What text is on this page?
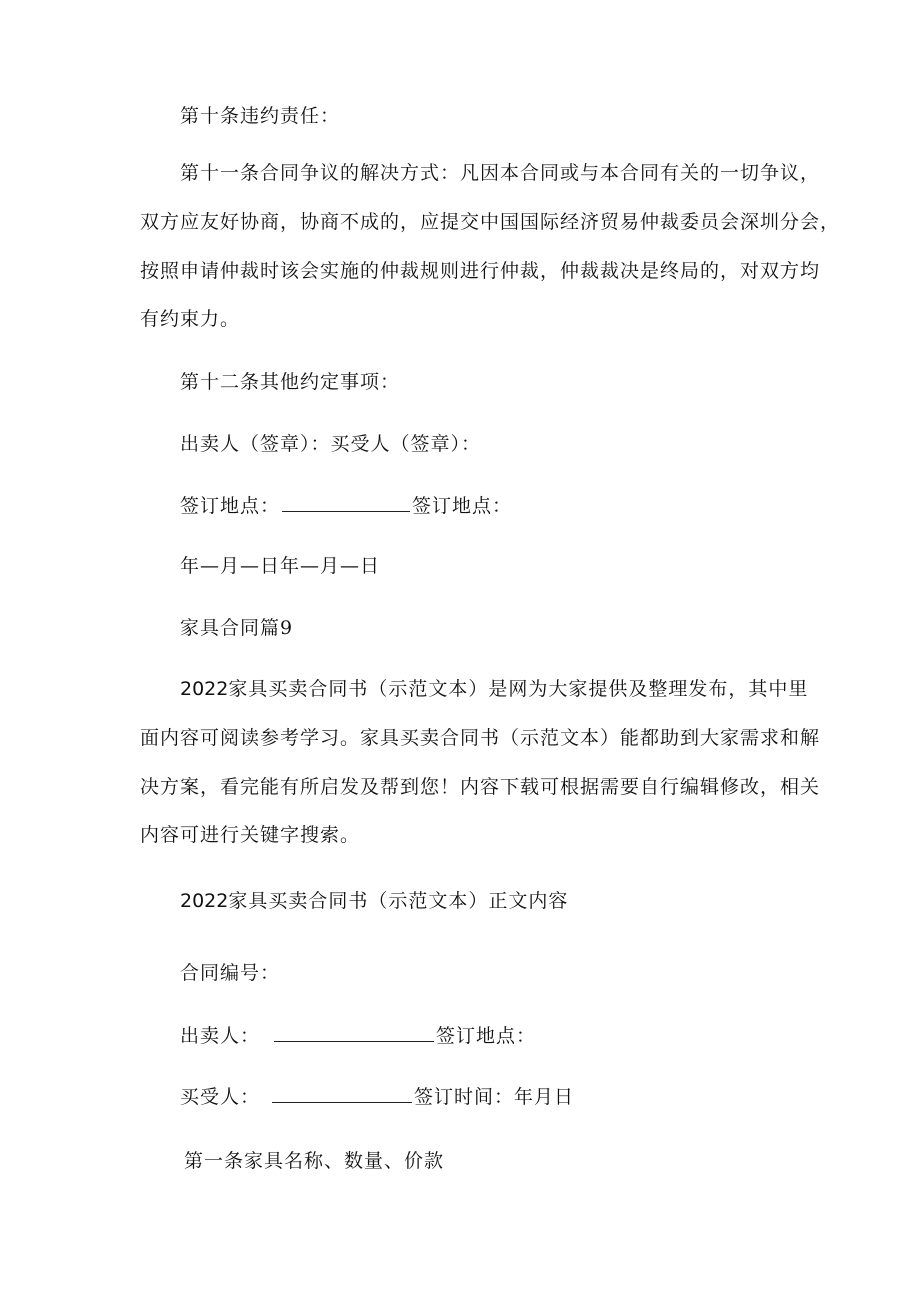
第十条违约责任：
第十一条合同争议的解决方式：凡因本合同或与本合同有关的一切争议，
双方应友好协商，协商不成的，应提交中国国际经济贸易仲裁委员会深圳分会，
按照申请仲裁时该会实施的仲裁规则进行仲裁，仲裁裁决是终局的，对双方均
有约束力。
第十二条其他约定事项：
出卖人（签章）：买受人（签章）：
签订地点：	签订地点：
年—月—日年—月—日
家具合同篇9
2022家具买卖合同书（示范文本）是网为大家提供及整理发布，其中里
面内容可阅读参考学习。家具买卖合同书（示范文本）能都助到大家需求和解
决方案，看完能有所启发及帮到您！内容下载可根据需要自行编辑修改，相关
内容可进行关键字搜索。
2022家具买卖合同书（示范文本）正文内容
合同编号：
出卖人：	签订地点：
买受人：	签订时间：年月日
第一条家具名称、数量、价款
